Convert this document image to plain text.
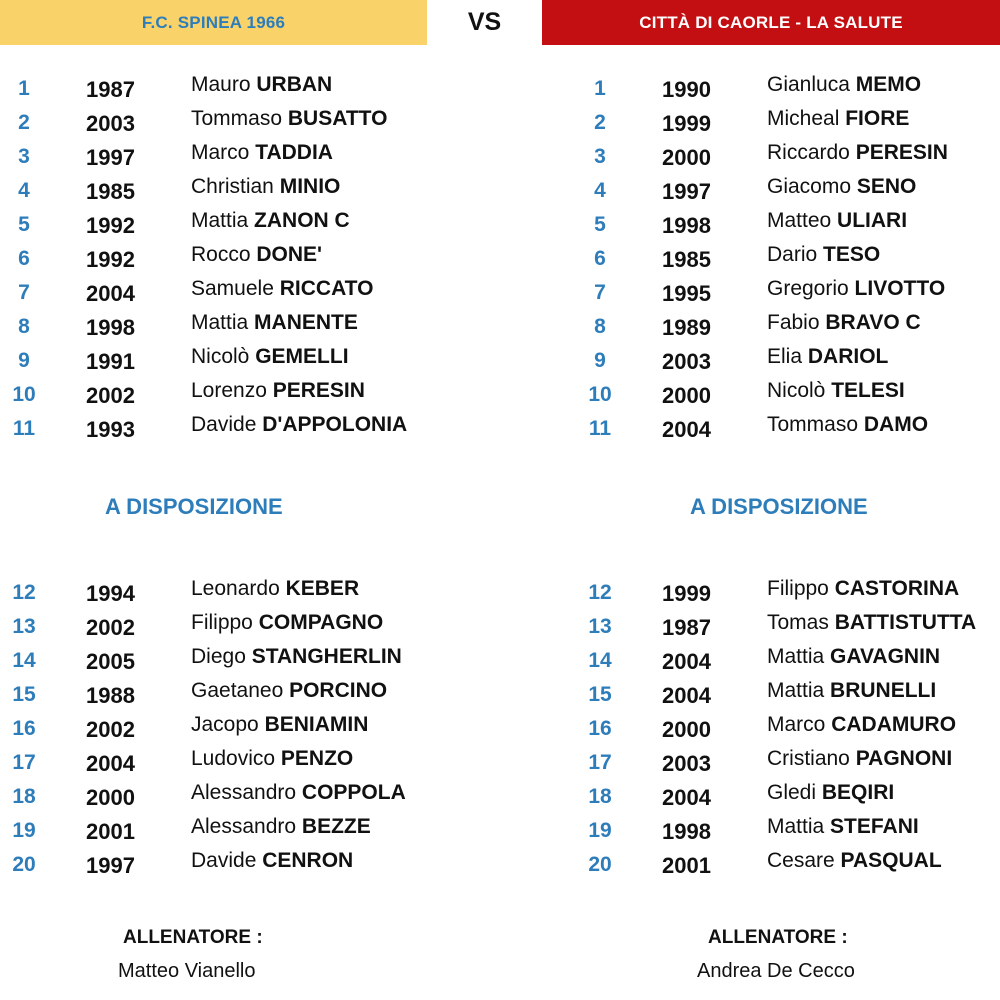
F.C. SPINEA 1966	VS	CITTÀ DI CAORLE - LA SALUTE
1	1987	Mauro URBAN
2	2003	Tommaso BUSATTO
3	1997	Marco TADDIA
4	1985	Christian MINIO
5	1992	Mattia ZANON C
6	1992	Rocco DONE'
7	2004	Samuele RICCATO
8	1998	Mattia MANENTE
9	1991	Nicolò GEMELLI
10	2002	Lorenzo PERESIN
11	1993	Davide D'APPOLONIA
A DISPOSIZIONE
12	1994	Leonardo KEBER
13	2002	Filippo COMPAGNO
14	2005	Diego STANGHERLIN
15	1988	Gaetaneo PORCINO
16	2002	Jacopo BENIAMIN
17	2004	Ludovico PENZO
18	2000	Alessandro COPPOLA
19	2001	Alessandro BEZZE
20	1997	Davide CENRON
ALLENATORE :
Matteo Vianello
1	1990	Gianluca MEMO
2	1999	Micheal FIORE
3	2000	Riccardo PERESIN
4	1997	Giacomo SENO
5	1998	Matteo ULIARI
6	1985	Dario TESO
7	1995	Gregorio LIVOTTO
8	1989	Fabio BRAVO C
9	2003	Elia DARIOL
10	2000	Nicolò TELESI
11	2004	Tommaso DAMO
A DISPOSIZIONE
12	1999	Filippo CASTORINA
13	1987	Tomas BATTISTUTTA
14	2004	Mattia GAVAGNIN
15	2004	Mattia BRUNELLI
16	2000	Marco CADAMURO
17	2003	Cristiano PAGNONI
18	2004	Gledi BEQIRI
19	1998	Mattia STEFANI
20	2001	Cesare PASQUAL
ALLENATORE :
Andrea De Cecco
